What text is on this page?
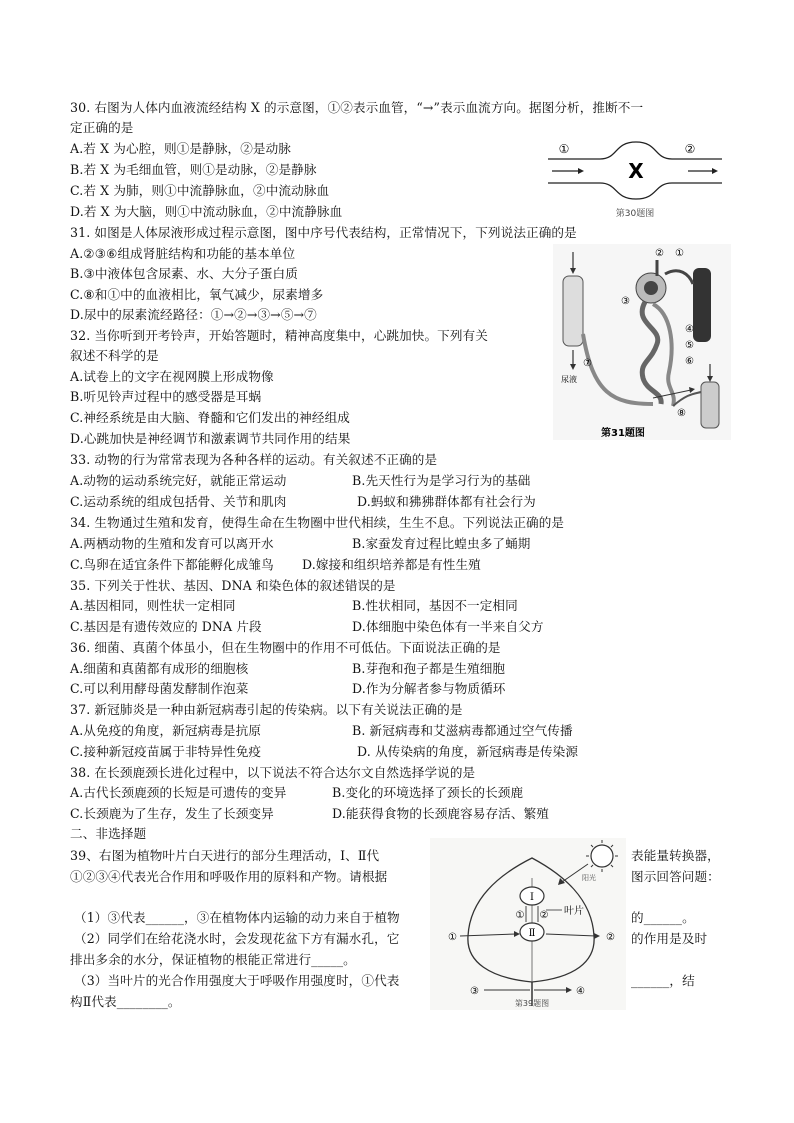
30. 右图为人体内血液流经结构 X 的示意图，①②表示血管，“→”表示血流方向。据图分析，推断不一
定正确的是
A.若 X 为心腔，则①是静脉，②是动脉
B.若 X 为毛细血管，则①是动脉，②是静脉
C.若 X 为肺，则①中流静脉血，②中流动脉血
D.若 X 为大脑，则①中流动脉血，②中流静脉血
①	②
X
第30题图
31. 如图是人体尿液形成过程示意图，图中序号代表结构，正常情况下，下列说法正确的是
A.②③⑥组成肾脏结构和功能的基本单位
B.③中液体包含尿素、水、大分子蛋白质
C.⑧和①中的血液相比，氧气减少，尿素增多
D.尿中的尿素流经路径：①→②→③→⑤→⑦
尿液
② ①
③
④
⑤
⑥
⑦
⑧
第31题图
32. 当你听到开考铃声，开始答题时，精神高度集中，心跳加快。下列有关
叙述不科学的是
A.试卷上的文字在视网膜上形成物像
B.听见铃声过程中的感受器是耳蜗
C.神经系统是由大脑、脊髓和它们发出的神经组成
D.心跳加快是神经调节和激素调节共同作用的结果
33. 动物的行为常常表现为各种各样的运动。有关叙述不正确的是
A.动物的运动系统完好，就能正常运动	B.先天性行为是学习行为的基础
C.运动系统的组成包括骨、关节和肌肉	D.蚂蚁和狒狒群体都有社会行为
34. 生物通过生殖和发育，使得生命在生物圈中世代相续，生生不息。下列说法正确的是
A.两栖动物的生殖和发育可以离开水	B.家蚕发育过程比蝗虫多了蛹期
C.鸟卵在适宜条件下都能孵化成雏鸟 D.嫁接和组织培养都是有性生殖
35. 下列关于性状、基因、DNA 和染色体的叙述错误的是
A.基因相同，则性状一定相同	B.性状相同，基因不一定相同
C.基因是有遗传效应的 DNA 片段	D.体细胞中染色体有一半来自父方
36. 细菌、真菌个体虽小，但在生物圈中的作用不可低估。下面说法正确的是
A.细菌和真菌都有成形的细胞核	B.芽孢和孢子都是生殖细胞
C.可以利用酵母菌发酵制作泡菜	D.作为分解者参与物质循环
37. 新冠肺炎是一种由新冠病毒引起的传染病。以下有关说法正确的是
A.从免疫的角度，新冠病毒是抗原	B. 新冠病毒和艾滋病毒都通过空气传播
C.接种新冠疫苗属于非特异性免疫	D. 从传染病的角度，新冠病毒是传染源
38. 在长颈鹿颈长进化过程中，以下说法不符合达尔文自然选择学说的是
A.古代长颈鹿颈的长短是可遗传的变异	B.变化的环境选择了颈长的长颈鹿
C.长颈鹿为了生存，发生了长颈变异	D.能获得食物的长颈鹿容易存活、繁殖
二、非选择题
39、右图为植物叶片白天进行的部分生理活动，Ⅰ、Ⅱ代	表能量转换器，
①②③④代表光合作用和呼吸作用的原料和产物。请根据	图示回答问题：
（1）③代表______，③在植物体内运输的动力来自于植物	的______。
（2）同学们在给花浇水时，会发现花盆下方有漏水孔，它	的作用是及时
排出多余的水分，保证植物的根能正常进行_____。
（3）当叶片的光合作用强度大于呼吸作用强度时，①代表	______，结
构Ⅱ代表________。
阳光
Ⅰ
Ⅱ
① ② 叶片
①	②
③	④
第39题图
